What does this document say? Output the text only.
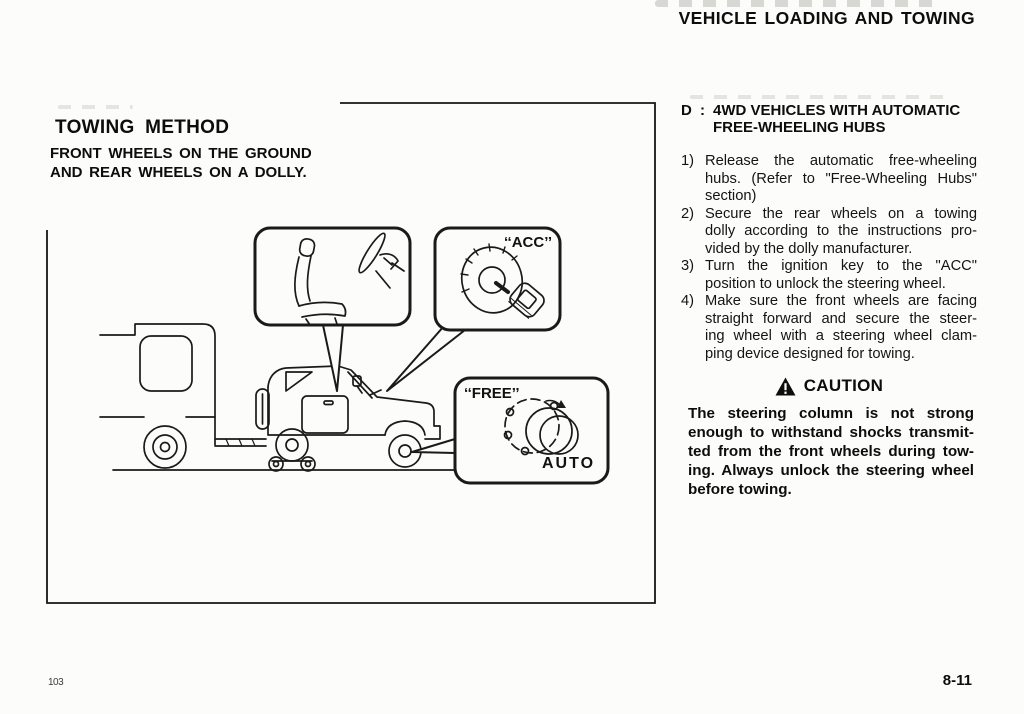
VEHICLE LOADING AND TOWING
TOWING METHOD
FRONT WHEELS ON THE GROUND
AND REAR WHEELS ON A DOLLY.
‘‘ACC’’
‘‘FREE’’
AUTO
D : 4WD VEHICLES WITH AUTOMATIC
FREE-WHEELING HUBS
1) Release the automatic free-wheeling
hubs. (Refer to "Free-Wheeling Hubs"
section)
2) Secure the rear wheels on a towing
dolly according to the instructions pro-
vided by the dolly manufacturer.
3) Turn the ignition key to the "ACC"
position to unlock the steering wheel.
4) Make sure the front wheels are facing
straight forward and secure the steer-
ing wheel with a steering wheel clam-
ping device designed for towing.
CAUTION
The steering column is not strong
enough to withstand shocks transmit-
ted from the front wheels during tow-
ing. Always unlock the steering wheel
before towing.
103	8-11
